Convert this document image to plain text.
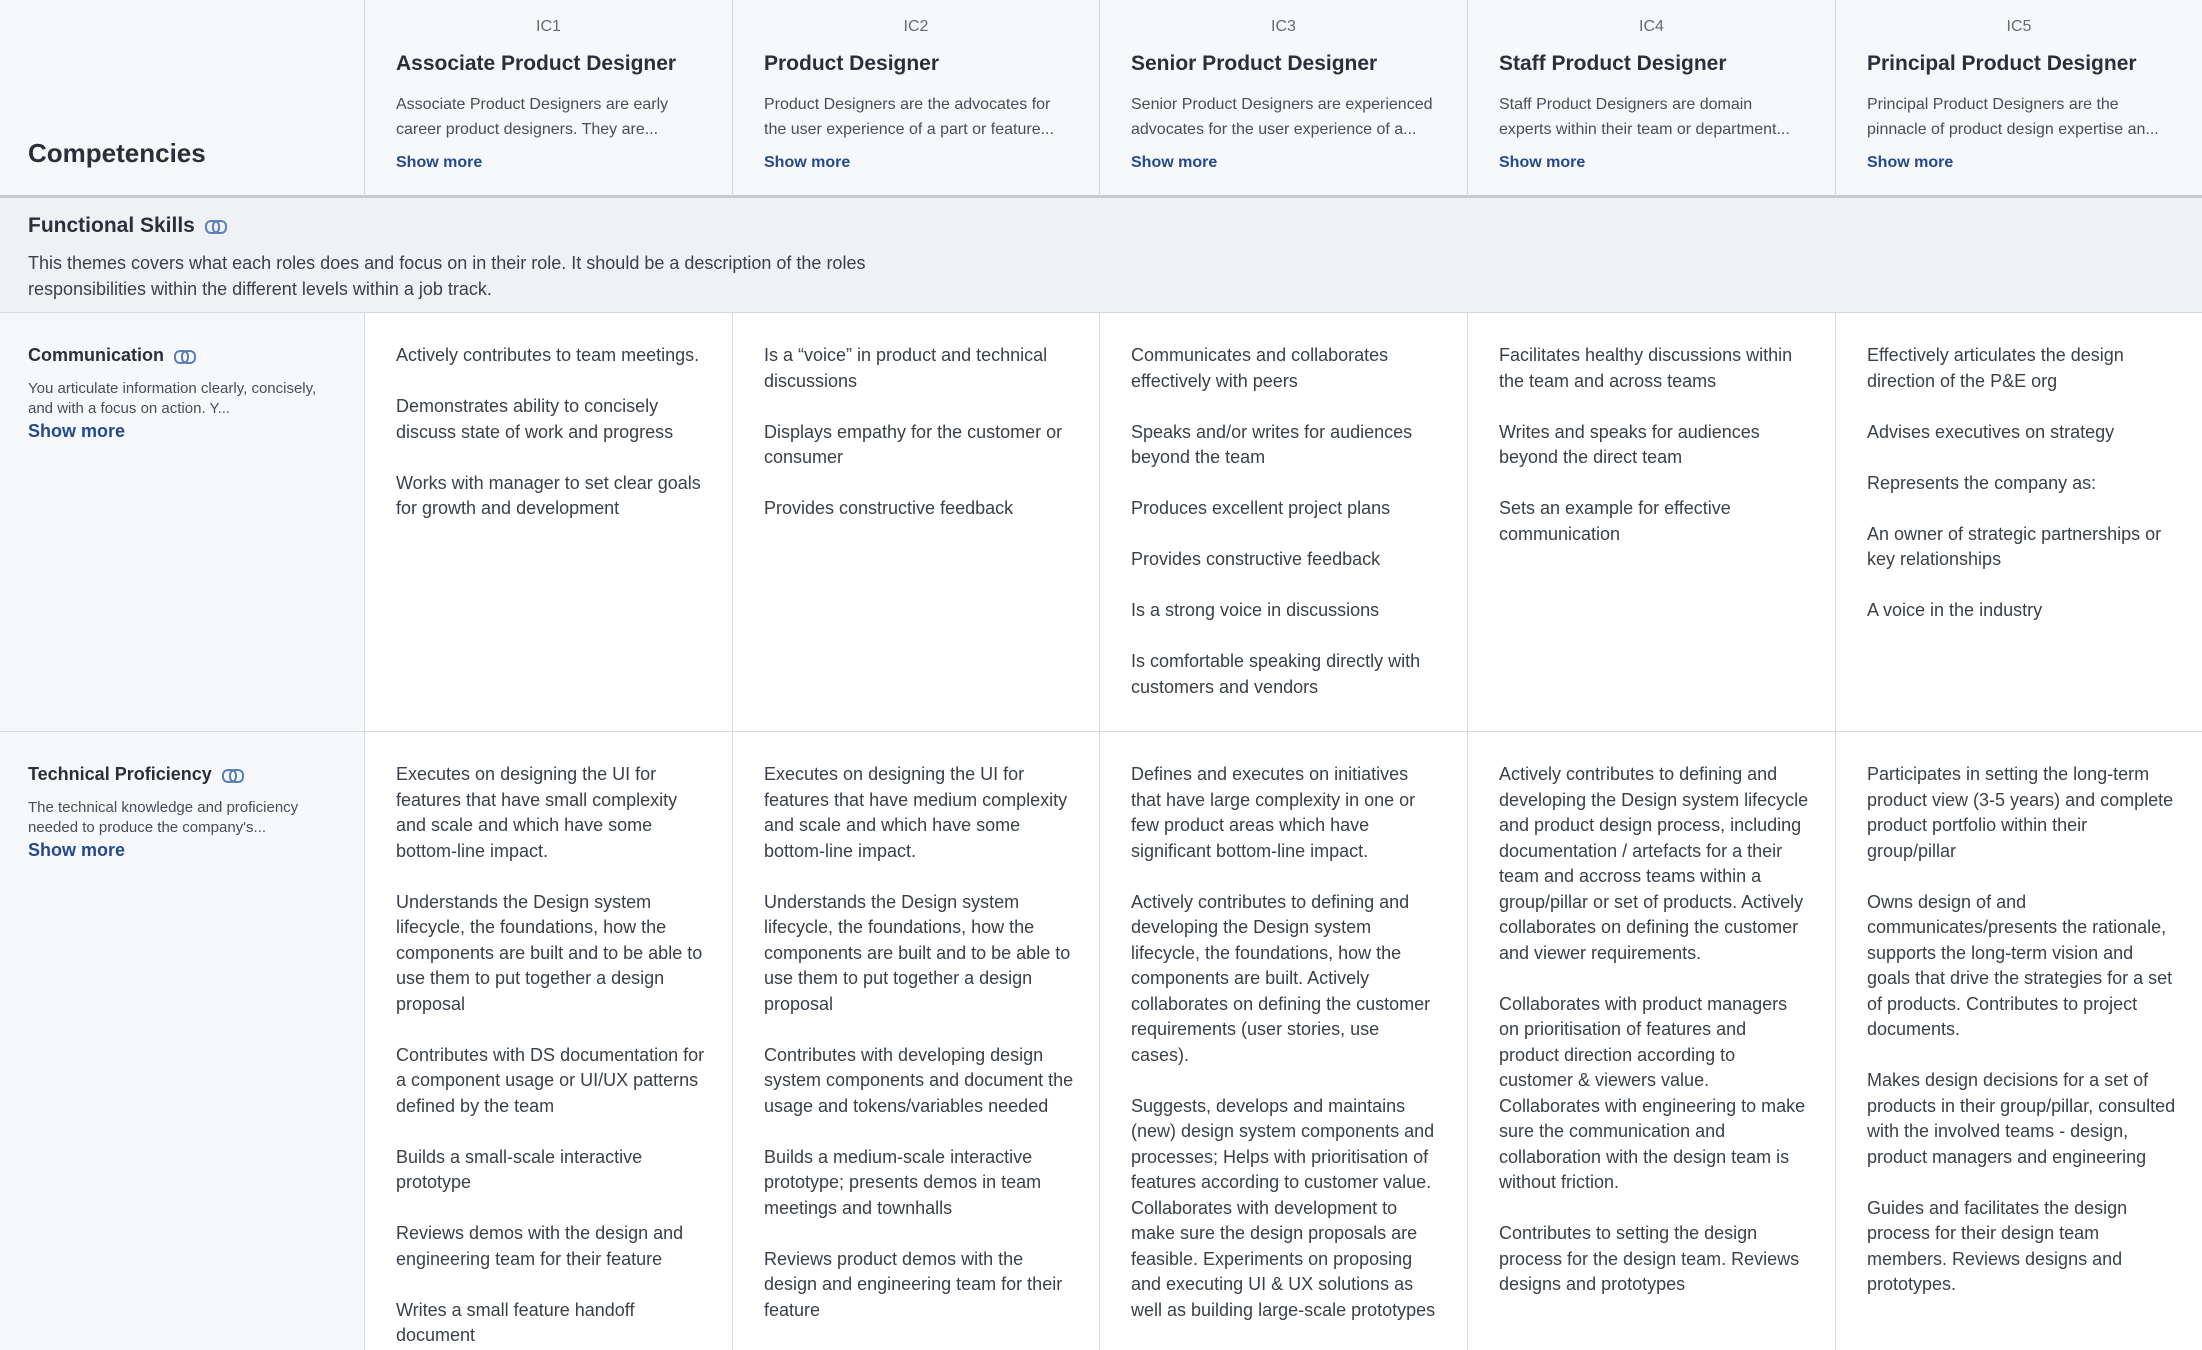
Competencies
IC1
Associate Product Designer
Associate Product Designers are early career product designers. They are...
Show more
IC2
Product Designer
Product Designers are the advocates for the user experience of a part or feature...
Show more
IC3
Senior Product Designer
Senior Product Designers are experienced advocates for the user experience of a...
Show more
IC4
Staff Product Designer
Staff Product Designers are domain experts within their team or department...
Show more
IC5
Principal Product Designer
Principal Product Designers are the pinnacle of product design expertise an...
Show more
Functional Skills
This themes covers what each roles does and focus on in their role. It should be a description of the roles responsibilities within the different levels within a job track.
Communication
You articulate information clearly, concisely, and with a focus on action. Y...
Show more
Actively contributes to team meetings.
Demonstrates ability to concisely discuss state of work and progress
Works with manager to set clear goals for growth and development
Is a “voice” in product and technical discussions
Displays empathy for the customer or consumer
Provides constructive feedback
Communicates and collaborates effectively with peers
Speaks and/or writes for audiences beyond the team
Produces excellent project plans
Provides constructive feedback
Is a strong voice in discussions
Is comfortable speaking directly with customers and vendors
Facilitates healthy discussions within the team and across teams
Writes and speaks for audiences beyond the direct team
Sets an example for effective communication
Effectively articulates the design direction of the P&E org
Advises executives on strategy
Represents the company as:
An owner of strategic partnerships or key relationships
A voice in the industry
Technical Proficiency
The technical knowledge and proficiency needed to produce the company's...
Show more
Executes on designing the UI for features that have small complexity and scale and which have some bottom-line impact.
Understands the Design system lifecycle, the foundations, how the components are built and to be able to use them to put together a design proposal
Contributes with DS documentation for a component usage or UI/UX patterns defined by the team
Builds a small-scale interactive prototype
Reviews demos with the design and engineering team for their feature
Writes a small feature handoff document
Executes on designing the UI for features that have medium complexity and scale and which have some bottom-line impact.
Understands the Design system lifecycle, the foundations, how the components are built and to be able to use them to put together a design proposal
Contributes with developing design system components and document the usage and tokens/variables needed
Builds a medium-scale interactive prototype; presents demos in team meetings and townhalls
Reviews product demos with the design and engineering team for their feature
Defines and executes on initiatives that have large complexity in one or few product areas which have significant bottom-line impact.
Actively contributes to defining and developing the Design system lifecycle, the foundations, how the components are built. Actively collaborates on defining the customer requirements (user stories, use cases).
Suggests, develops and maintains (new) design system components and processes; Helps with prioritisation of features according to customer value. Collaborates with development to make sure the design proposals are feasible. Experiments on proposing and executing UI & UX solutions as well as building large-scale prototypes
Actively contributes to defining and developing the Design system lifecycle and product design process, including documentation / artefacts for a their team and accross teams within a group/pillar or set of products. Actively collaborates on defining the customer and viewer requirements.
Collaborates with product managers on prioritisation of features and product direction according to customer & viewers value. Collaborates with engineering to make sure the communication and collaboration with the design team is without friction.
Contributes to setting the design process for the design team. Reviews designs and prototypes
Participates in setting the long-term product view (3-5 years) and complete product portfolio within their group/pillar
Owns design of and communicates/presents the rationale, supports the long-term vision and goals that drive the strategies for a set of products. Contributes to project documents.
Makes design decisions for a set of products in their group/pillar, consulted with the involved teams - design, product managers and engineering
Guides and facilitates the design process for their design team members. Reviews designs and prototypes.
